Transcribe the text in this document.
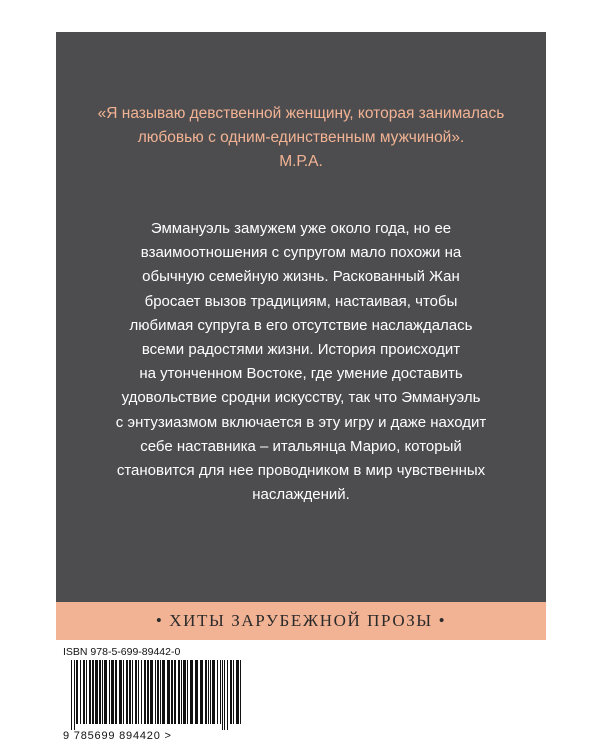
«Я называю девственной женщину, которая занималась
любовью с одним-единственным мужчиной».
М.Р.А.
Эммануэль замужем уже около года, но ее
взаимоотношения с супругом мало похожи на
обычную семейную жизнь. Раскованный Жан
бросает вызов традициям, настаивая, чтобы
любимая супруга в его отсутствие наслаждалась
всеми радостями жизни. История происходит
на утонченном Востоке, где умение доставить
удовольствие сродни искусству, так что Эммануэль
с энтузиазмом включается в эту игру и даже находит
себе наставника – итальянца Марио, который
становится для нее проводником в мир чувственных
наслаждений.
• ХИТЫ ЗАРУБЕЖНОЙ ПРОЗЫ •
ISBN 978-5-699-89442-0
9 785699 894420 >
